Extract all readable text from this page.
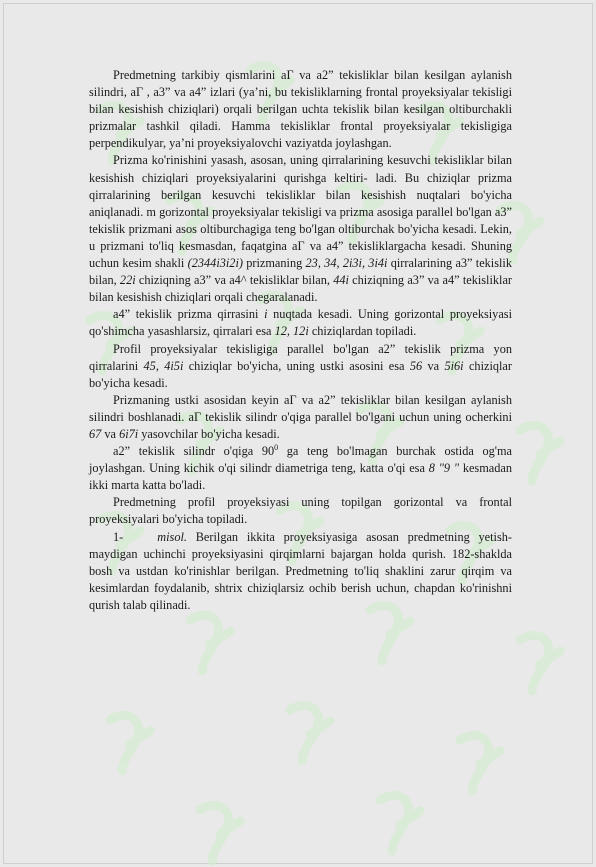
Predmetning tarkibiy qismlarini aГ va a2” tekisliklar bilan kesilgan aylanish silindri, aГ , a3” va a4” izlari (ya’ni, bu tekisliklarning frontal proyeksiyalar tekisligi bilan kesishish chiziqlari) orqali berilgan uchta tekislik bilan kesilgan oltiburchakli prizmalar tashkil qiladi. Hamma tekisliklar frontal proyeksiyalar tekisligiga perpendikulyar, ya’ni proyeksiyalovchi vaziyatda joylashgan.

Prizma ko'rinishini yasash, asosan, uning qirralarining kesuvchi tekisliklar bilan kesishish chiziqlari proyeksiyalarini qurishga keltiri- ladi. Bu chiziqlar prizma qirralarining berilgan kesuvchi tekisliklar bilan kesishish nuqtalari bo'yicha aniqlanadi. m gorizontal proyeksiyalar tekisligi va prizma asosiga parallel bo'lgan a3” tekislik prizmani asos oltiburchagiga teng bo'lgan oltiburchak bo'yicha kesadi. Lekin, u prizmani to'liq kesmasdan, faqatgina aГ va a4” tekisliklargacha kesadi. Shuning uchun kesim shakli (2344i3i2i) prizmaning 23, 34, 2i3i, 3i4i qirralarining a3” tekislik bilan, 22i chiziqning a3” va a4^ tekisliklar bilan, 44i chiziqning a3” va a4” tekisliklar bilan kesishish chiziqlari orqali chegaralanadi.

a4” tekislik prizma qirrasini i nuqtada kesadi. Uning gorizontal proyeksiyasi qo'shimcha yasashlarsiz, qirralari esa 12, 12i chiziqlardan topiladi.

Profil proyeksiyalar tekisligiga parallel bo'lgan a2” tekislik prizma yon qirralarini 45, 4i5i chiziqlar bo'yicha, uning ustki asosini esa 56 va 5i6i chiziqlar bo'yicha kesadi.

Prizmaning ustki asosidan keyin aГ va a2” tekisliklar bilan kesilgan aylanish silindri boshlanadi. aГ tekislik silindr o'qiga parallel bo'lgani uchun uning ocherkini 67 va 6i7i yasovchilar bo'yicha kesadi.

a2” tekislik silindr o'qiga $90^0$ ga teng bo'lmagan burchak ostida og'ma joylashgan. Uning kichik o'qi silindr diametriga teng, katta o'qi esa 8 "9 " kesmadan ikki marta katta bo'ladi.

Predmetning profil proyeksiyasi uning topilgan gorizontal va frontal proyeksiyalari bo'yicha topiladi.

1-	misol. Berilgan ikkita proyeksiyasiga asosan predmetning yetish- maydigan uchinchi proyeksiyasini qirqimlarni bajargan holda qurish. 182-shaklda bosh va ustdan ko'rinishlar berilgan. Predmetning to'liq shaklini zarur qirqim va kesimlardan foydalanib, shtrix chiziqlarsiz ochib berish uchun, chapdan ko'rinishni qurish talab qilinadi.
